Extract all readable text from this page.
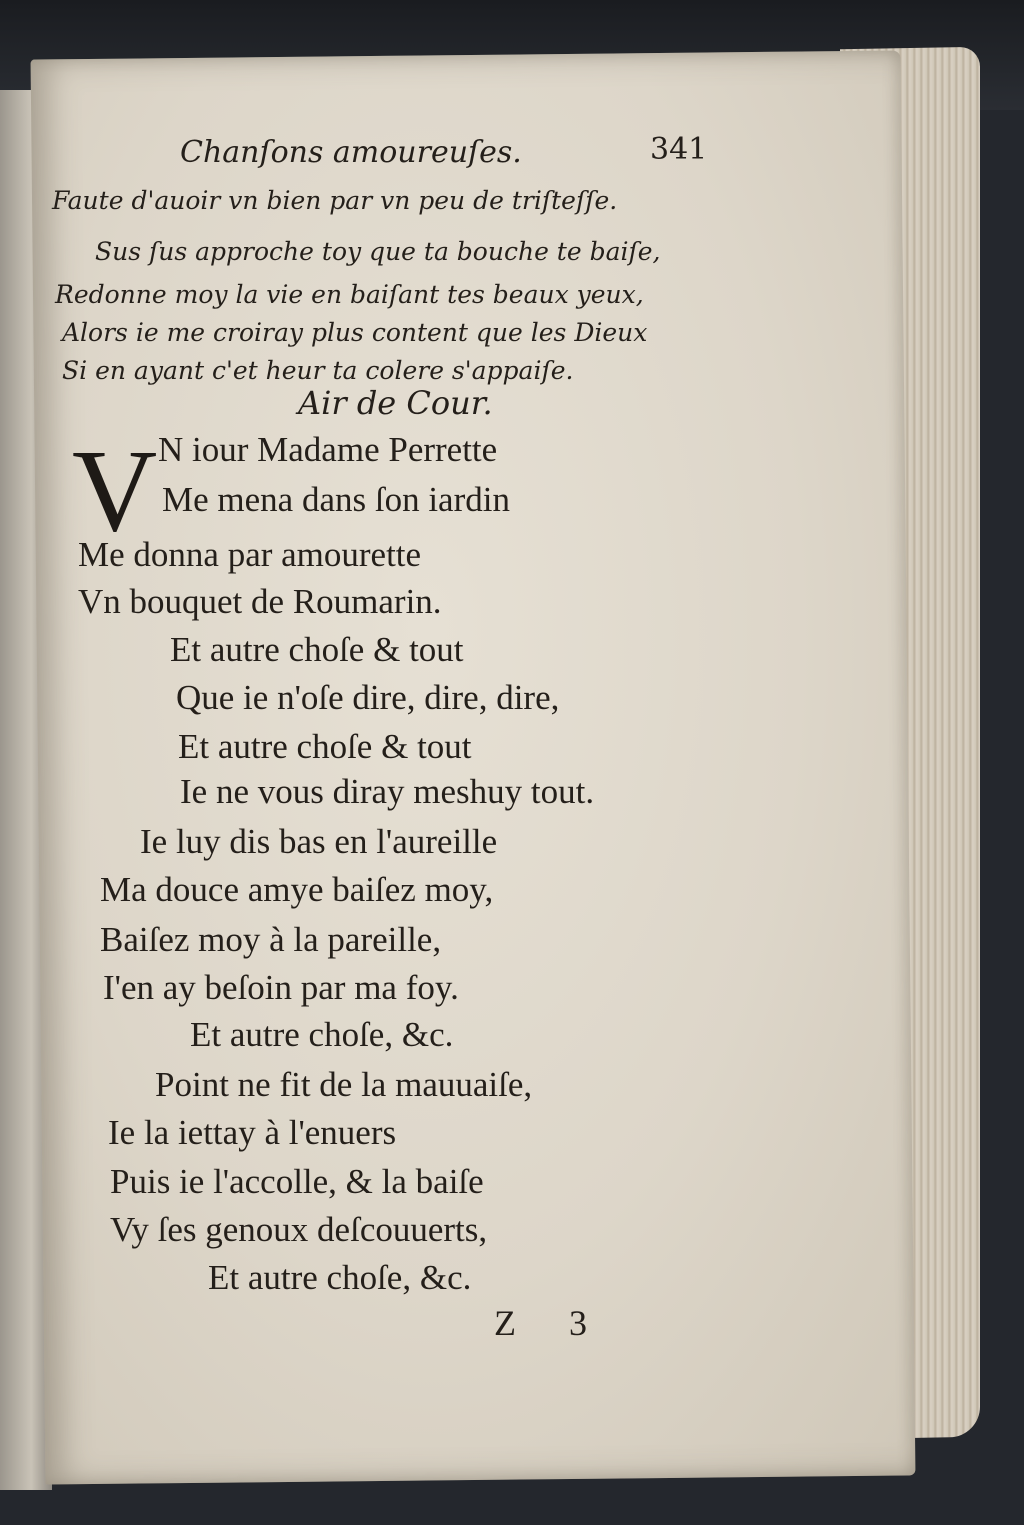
Chanſons amoureuſes.	341
Faute d'auoir vn bien par vn peu de triſteſſe.
Sus ſus approche toy que ta bouche te baiſe,
Redonne moy la vie en baiſant tes beaux yeux,
Alors ie me croiray plus content que les Dieux
Si en ayant c'et heur ta colere s'appaiſe.
Air de Cour.
V N iour Madame Perrette
Me mena dans ſon iardin
Me donna par amourette
Vn bouquet de Roumarin.
Et autre choſe & tout
Que ie n'oſe dire, dire, dire,
Et autre choſe & tout
Ie ne vous diray meshuy tout.
Ie luy dis bas en l'aureille
Ma douce amye baiſez moy,
Baiſez moy à la pareille,
I'en ay beſoin par ma foy.
Et autre choſe, &c.
Point ne fit de la mauuaiſe,
Ie la iettay à l'enuers
Puis ie l'accolle, & la baiſe
Vy ſes genoux deſcouuerts,
Et autre choſe, &c.
Z 3
